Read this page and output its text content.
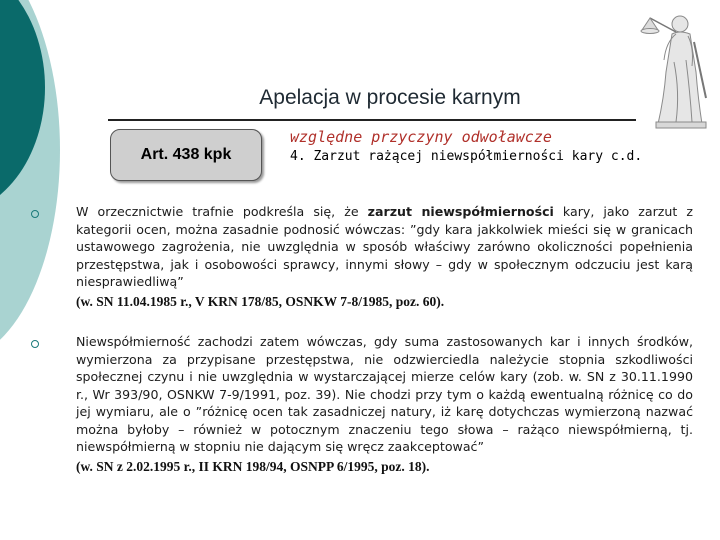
Apelacja w procesie karnym
Art. 438 kpk
względne przyczyny odwoławcze
4. Zarzut rażącej niewspółmierności kary c.d.
W orzecznictwie trafnie podkreśla się, że zarzut niewspółmierności kary, jako zarzut z kategorii ocen, można zasadnie podnosić wówczas: ”gdy kara jakkolwiek mieści się w granicach ustawowego zagrożenia, nie uwzględnia w sposób właściwy zarówno okoliczności popełnienia przestępstwa, jak i osobowości sprawcy, innymi słowy – gdy w społecznym odczuciu jest karą niesprawiedliwą”
(w. SN 11.04.1985 r., V KRN 178/85, OSNKW 7-8/1985, poz. 60).
Niewspółmierność zachodzi zatem wówczas, gdy suma zastosowanych kar i innych środków, wymierzona za przypisane przestępstwa, nie odzwierciedla należycie stopnia szkodliwości społecznej czynu i nie uwzględnia w wystarczającej mierze celów kary (zob. w. SN z 30.11.1990 r., Wr 393/90, OSNKW 7-9/1991, poz. 39). Nie chodzi przy tym o każdą ewentualną różnicę co do jej wymiaru, ale o ”różnicę ocen tak zasadniczej natury, iż karę dotychczas wymierzoną nazwać można byłoby – również w potocznym znaczeniu tego słowa – rażąco niewspółmierną, tj. niewspółmierną w stopniu nie dającym się wręcz zaakceptować”
(w. SN z 2.02.1995 r., II KRN 198/94, OSNPP 6/1995, poz. 18).
